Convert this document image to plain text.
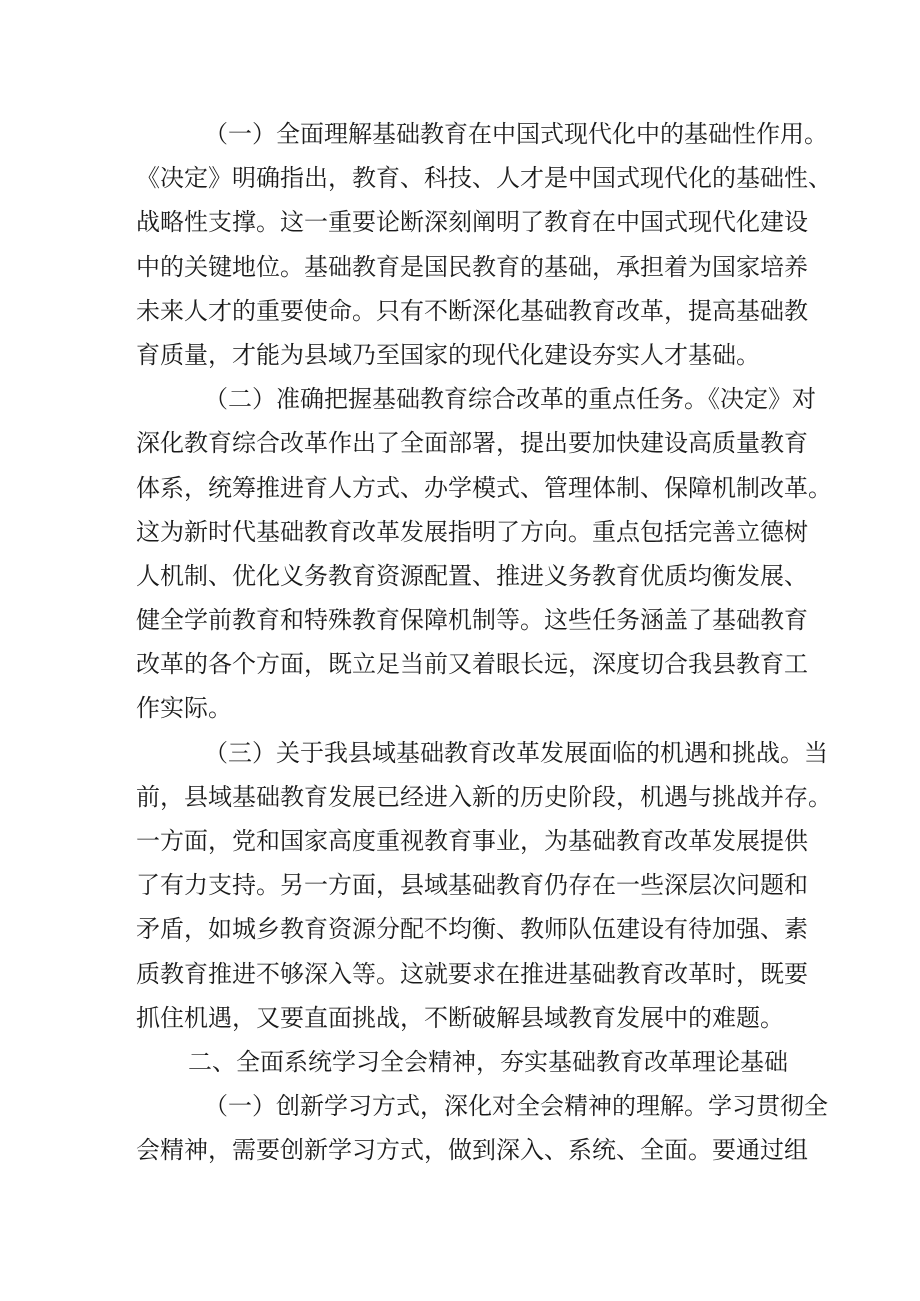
（一）全面理解基础教育在中国式现代化中的基础性作用。
《决定》明确指出，教育、科技、人才是中国式现代化的基础性、
战略性支撑。这一重要论断深刻阐明了教育在中国式现代化建设
中的关键地位。基础教育是国民教育的基础，承担着为国家培养
未来人才的重要使命。只有不断深化基础教育改革，提高基础教
育质量，才能为县域乃至国家的现代化建设夯实人才基础。
（二）准确把握基础教育综合改革的重点任务。《决定》对
深化教育综合改革作出了全面部署，提出要加快建设高质量教育
体系，统筹推进育人方式、办学模式、管理体制、保障机制改革。
这为新时代基础教育改革发展指明了方向。重点包括完善立德树
人机制、优化义务教育资源配置、推进义务教育优质均衡发展、
健全学前教育和特殊教育保障机制等。这些任务涵盖了基础教育
改革的各个方面，既立足当前又着眼长远，深度切合我县教育工
作实际。
（三）关于我县域基础教育改革发展面临的机遇和挑战。当
前，县域基础教育发展已经进入新的历史阶段，机遇与挑战并存。
一方面，党和国家高度重视教育事业，为基础教育改革发展提供
了有力支持。另一方面，县域基础教育仍存在一些深层次问题和
矛盾，如城乡教育资源分配不均衡、教师队伍建设有待加强、素
质教育推进不够深入等。这就要求在推进基础教育改革时，既要
抓住机遇，又要直面挑战，不断破解县域教育发展中的难题。
二、全面系统学习全会精神，夯实基础教育改革理论基础
（一）创新学习方式，深化对全会精神的理解。学习贯彻全
会精神，需要创新学习方式，做到深入、系统、全面。要通过组
